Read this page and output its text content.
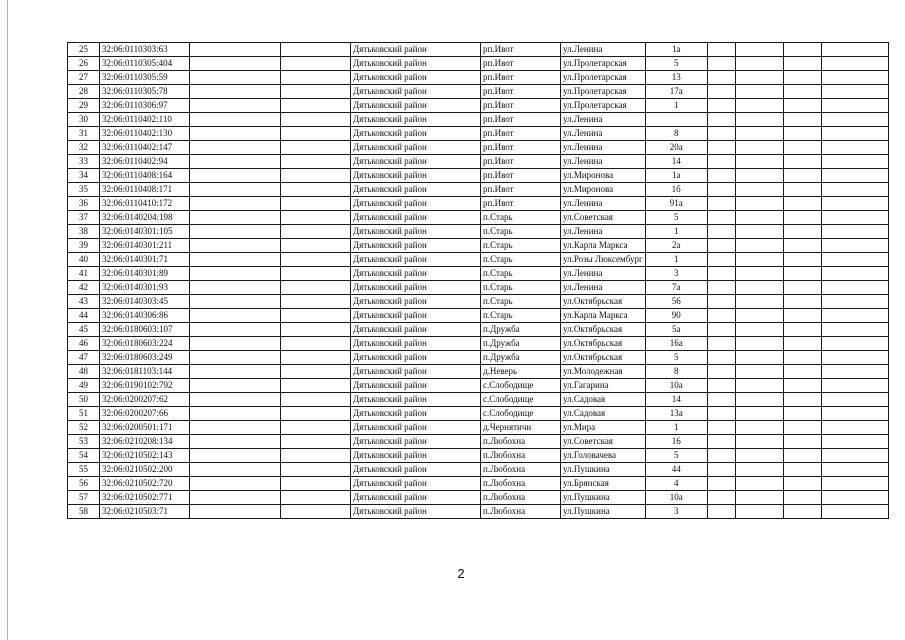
25	32:06:0110303:63			Дятьковский район	рп.Ивот	ул.Ленина	1а				
26	32:06:0110305:404			Дятьковский район	рп.Ивот	ул.Пролетарская	5				
27	32:06:0110305:59			Дятьковский район	рп.Ивот	ул.Пролетарская	13				
28	32:06:0110305:78			Дятьковский район	рп.Ивот	ул.Пролетарская	17а				
29	32:06:0110306:97			Дятьковский район	рп.Ивот	ул.Пролетарская	1				
30	32:06:0110402:110			Дятьковский район	рп.Ивот	ул.Ленина					
31	32:06:0110402:130			Дятьковский район	рп.Ивот	ул.Ленина	8				
32	32:06:0110402:147			Дятьковский район	рп.Ивот	ул.Ленина	20а				
33	32:06:0110402:94			Дятьковский район	рп.Ивот	ул.Ленина	14				
34	32:06:0110408:164			Дятьковский район	рп.Ивот	ул.Миронова	1а				
35	32:06:0110408:171			Дятьковский район	рп.Ивот	ул.Миронова	1б				
36	32:06:0110410:172			Дятьковский район	рп.Ивот	ул.Ленина	91а				
37	32:06:0140204:198			Дятьковский район	п.Старь	ул.Советская	5				
38	32:06:0140301:105			Дятьковский район	п.Старь	ул.Ленина	1				
39	32:06:0140301:211			Дятьковский район	п.Старь	ул.Карла Маркса	2а				
40	32:06:0140301:71			Дятьковский район	п.Старь	ул.Розы Люксембург	1				
41	32:06:0140301:89			Дятьковский район	п.Старь	ул.Ленина	3				
42	32:06:0140301:93			Дятьковский район	п.Старь	ул.Ленина	7а				
43	32:06:0140303:45			Дятьковский район	п.Старь	ул.Октябрьская	56				
44	32:06:0140306:86			Дятьковский район	п.Старь	ул.Карла Маркса	90				
45	32:06:0180603:107			Дятьковский район	п.Дружба	ул.Октябрьская	5а				
46	32:06:0180603:224			Дятьковский район	п.Дружба	ул.Октябрьская	16а				
47	32:06:0180603:249			Дятьковский район	п.Дружба	ул.Октябрьская	5				
48	32:06:0181103:144			Дятьковский район	д.Неверь	ул.Молодежная	8				
49	32:06:0190102:792			Дятьковский район	с.Слободище	ул.Гагарина	10а				
50	32:06:0200207:62			Дятьковский район	с.Слободище	ул.Садовая	14				
51	32:06:0200207:66			Дятьковский район	с.Слободище	ул.Садовая	13а				
52	32:06:0200501:171			Дятьковский район	д.Чернятичи	ул.Мира	1				
53	32:06:0210208:134			Дятьковский район	п.Любохна	ул.Советская	16				
54	32:06:0210502:143			Дятьковский район	п.Любохна	ул.Головачева	5				
55	32:06:0210502:200			Дятьковский район	п.Любохна	ул.Пушкина	44				
56	32:06:0210502:720			Дятьковский район	п.Любохна	ул.Брянская	4				
57	32:06:0210502:771			Дятьковский район	п.Любохна	ул.Пушкина	10а				
58	32:06:0210503:71			Дятьковский район	п.Любохна	ул.Пушкина	3				
2
